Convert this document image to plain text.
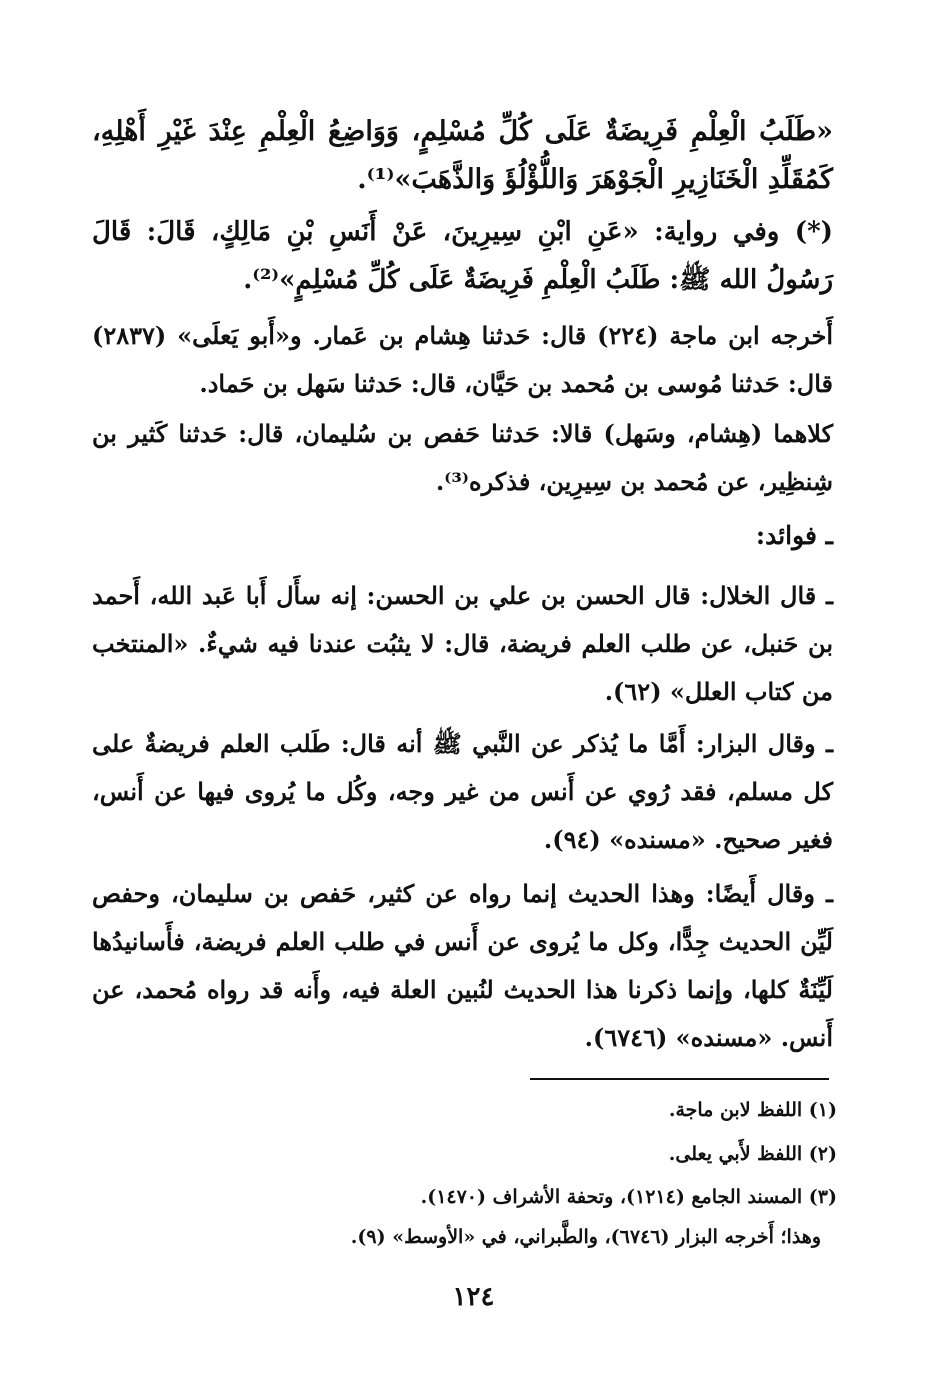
«طَلَبُ الْعِلْمِ فَرِيضَةٌ عَلَى كُلِّ مُسْلِمٍ، وَوَاضِعُ الْعِلْمِ عِنْدَ غَيْرِ أَهْلِهِ، كَمُقَلِّدِ الْخَنَازِيرِ الْجَوْهَرَ وَاللُّؤْلُؤَ وَالذَّهَبَ»⁽¹⁾.

(*) وفي رواية: «عَنِ ابْنِ سِيرِينَ، عَنْ أَنَسِ بْنِ مَالِكٍ، قَالَ: قَالَ رَسُولُ الله ﷺ: طَلَبُ الْعِلْمِ فَرِيضَةٌ عَلَى كُلِّ مُسْلِمٍ»⁽²⁾.

أَخرجه ابن ماجة (٢٢٤) قال: حَدثنا هِشام بن عَمار. و«أَبو يَعلَى» (٢٨٣٧) قال: حَدثنا مُوسى بن مُحمد بن حَيَّان، قال: حَدثنا سَهل بن حَماد.

كلاهما (هِشام، وسَهل) قالا: حَدثنا حَفص بن سُليمان، قال: حَدثنا كَثير بن شِنظِير، عن مُحمد بن سِيرِين، فذكره⁽³⁾.

ـ فوائد:

ـ قال الخلال: قال الحسن بن علي بن الحسن: إنه سأَل أَبا عَبد الله، أَحمد بن حَنبل، عن طلب العلم فريضة، قال: لا يثبُت عندنا فيه شيءٌ. «المنتخب من كتاب العلل» (٦٢).

ـ وقال البزار: أَمَّا ما يُذكر عن النَّبي ﷺ أنه قال: طَلب العلم فريضةٌ على كل مسلم، فقد رُوي عن أَنس من غير وجه، وكُل ما يُروى فيها عن أَنس، فغير صحيح. «مسنده» (٩٤).

ـ وقال أَيضًا: وهذا الحديث إنما رواه عن كثير، حَفص بن سليمان، وحفص لَيِّن الحديث جِدًّا، وكل ما يُروى عن أَنس في طلب العلم فريضة، فأَسانيدُها لَيِّنَةٌ كلها، وإنما ذكرنا هذا الحديث لنُبين العلة فيه، وأَنه قد رواه مُحمد، عن أَنس. «مسنده» (٦٧٤٦).

(١) اللفظ لابن ماجة.

(٢) اللفظ لأَبي يعلى.

(٣) المسند الجامع (١٢١٤)، وتحفة الأشراف (١٤٧٠).

وهذا؛ أَخرجه البزار (٦٧٤٦)، والطَّبراني، في «الأوسط» (٩).

١٢٤
